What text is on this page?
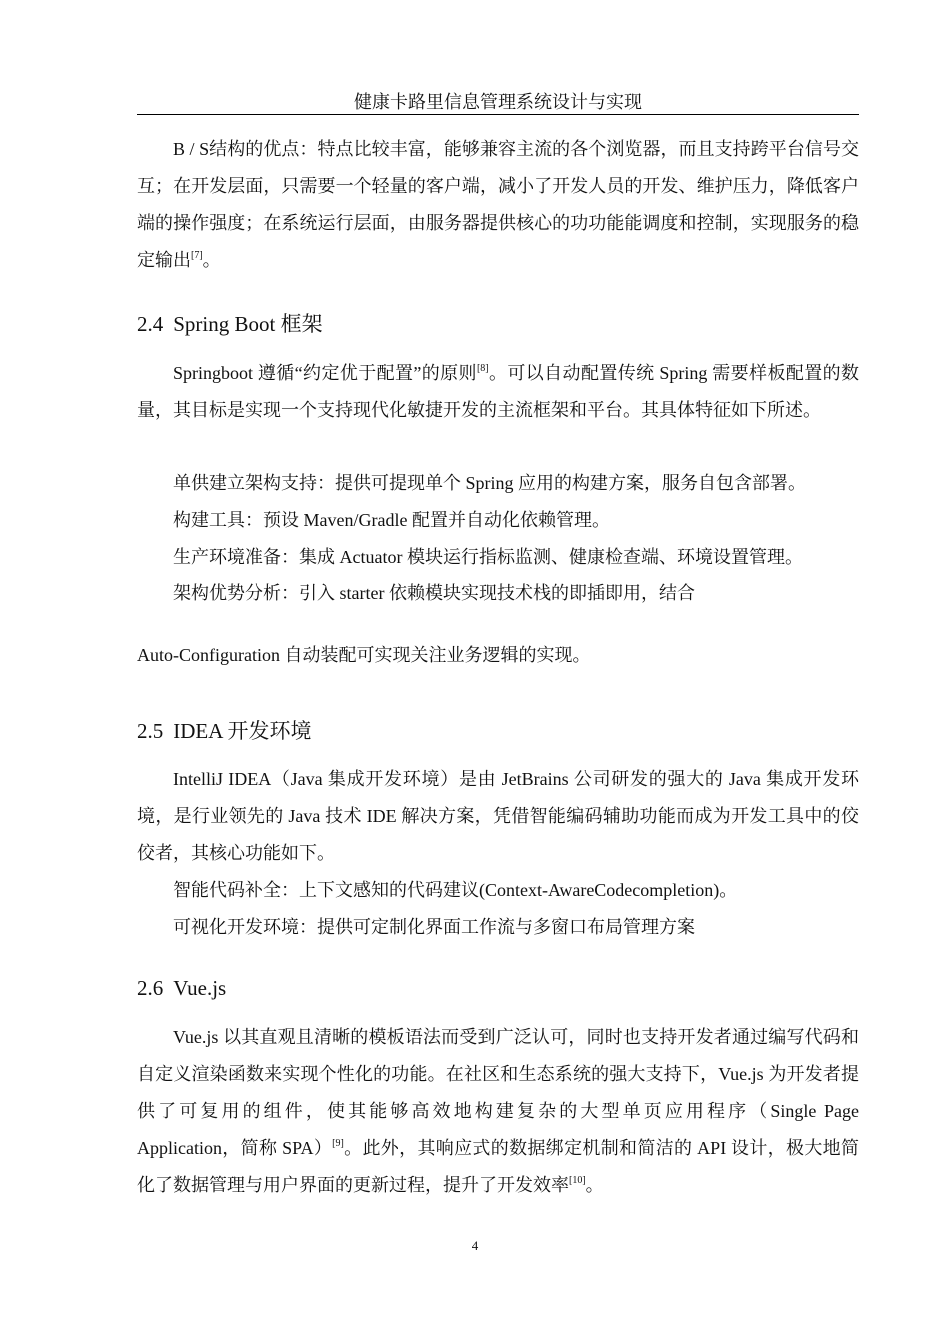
健康卡路里信息管理系统设计与实现

B / S结构的优点：特点比较丰富，能够兼容主流的各个浏览器，而且支持跨平台信号交互；在开发层面，只需要一个轻量的客户端，减小了开发人员的开发、维护压力，降低客户端的操作强度；在系统运行层面，由服务器提供核心的功功能能调度和控制，实现服务的稳定输出[7]。

2.4 Spring Boot 框架

Springboot 遵循“约定优于配置”的原则[8]。可以自动配置传统 Spring 需要样板配置的数量，其目标是实现一个支持现代化敏捷开发的主流框架和平台。其具体特征如下所述。

单供建立架构支持：提供可提现单个 Spring 应用的构建方案，服务自包含部署。
构建工具：预设 Maven/Gradle 配置并自动化依赖管理。
生产环境准备：集成 Actuator 模块运行指标监测、健康检查端、环境设置管理。
架构优势分析：引入 starter 依赖模块实现技术栈的即插即用，结合
Auto-Configuration 自动装配可实现关注业务逻辑的实现。
2.5 IDEA 开发环境

IntelliJ IDEA（Java 集成开发环境）是由 JetBrains 公司研发的强大的 Java 集成开发环境，是行业领先的 Java 技术 IDE 解决方案，凭借智能编码辅助功能而成为开发工具中的佼佼者，其核心功能如下。

智能代码补全：上下文感知的代码建议(Context-AwareCodecompletion)。
可视化开发环境：提供可定制化界面工作流与多窗口布局管理方案
2.6 Vue.js

Vue.js 以其直观且清晰的模板语法而受到广泛认可，同时也支持开发者通过编写代码和自定义渲染函数来实现个性化的功能。在社区和生态系统的强大支持下，Vue.js 为开发者提供了可复用的组件，使其能够高效地构建复杂的大型单页应用程序（Single Page Application，简称 SPA）[9]。此外，其响应式的数据绑定机制和简洁的 API 设计，极大地简化了数据管理与用户界面的更新过程，提升了开发效率[10]。

4
